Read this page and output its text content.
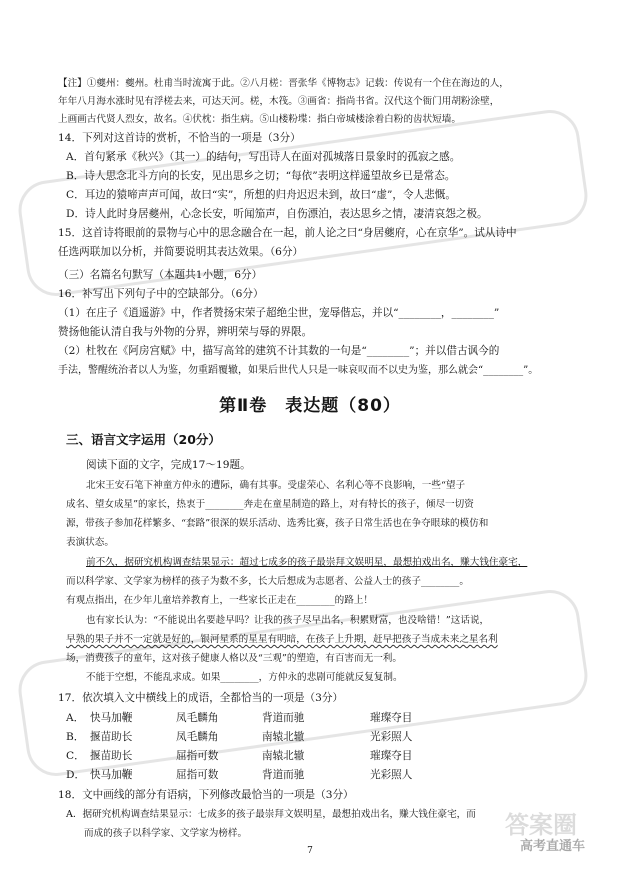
【注】①夔州：夔州。杜甫当时流寓于此。②八月槎：晋张华《博物志》记载：传说有一个住在海边的人，
年年八月海水涨时见有浮槎去来，可达天河。槎，木筏。③画省：指尚书省。汉代这个衙门用胡粉涂壁，
上画画古代贤人烈女，故名。④伏枕：指生病。⑤山楼粉堞：指白帝城楼涂着白粉的齿状短墙。
14．下列对这首诗的赏析，不恰当的一项是（3分）
A．首句紧承《秋兴》（其一）的结句，写出诗人在面对孤城落日景象时的孤寂之感。
B．诗人思念北斗方向的长安，见出思乡之切；“每依”表明这样遥望故乡已是常态。
C．耳边的猿啼声声可闻，故曰“实”，所想的归舟迟迟未到，故曰“虚”，令人悲慨。
D．诗人此时身居夔州，心念长安，听闻笳声，自伤漂泊，表达思乡之情，凄清哀怨之极。
15．这首诗将眼前的景物与心中的思念融合在一起，前人论之曰“身居夔府，心在京华”。试从诗中
任选两联加以分析，并简要说明其表达效果。（6分）
（三）名篇名句默写（本题共1小题，6分）
16．补写出下列句子中的空缺部分。（6分）
（1）在庄子《逍遥游》中，作者赞扬宋荣子超绝尘世，宠辱偕忘，并以“________，________”
赞扬他能认清自我与外物的分界，辨明荣与辱的界限。
（2）杜牧在《阿房宫赋》中，描写高耸的建筑不计其数的一句是“________”；并以借古讽今的
手法，警醒统治者以人为鉴，勿重蹈覆辙，如果后世代人只是一味哀叹而不以史为鉴，那么就会“________”。
第Ⅱ卷　表达题（80）
三、语言文字运用（20分）
阅读下面的文字，完成17～19题。
北宋王安石笔下神童方仲永的遭际，确有其事。受虚荣心、名利心等不良影响，一些“望子
成名、望女成星”的家长，热衷于________奔走在童星制造的路上，对有特长的孩子，倾尽一切资
源，带孩子参加花样繁多、“套路”很深的娱乐活动、选秀比赛，孩子日常生活也在争夺眼球的模仿和
表演状态。
前不久，据研究机构调查结果显示：超过七成多的孩子最崇拜文娱明星，最想拍戏出名，赚大钱住豪宅，
而以科学家、文学家为榜样的孩子为数不多，长大后想成为志愿者、公益人士的孩子________。
有观点指出，在少年儿童培养教育上，一些家长正走在________的路上！
也有家长认为：“不能说出名要趁早吗？让我的孩子尽早出名，积累财富，也没啥错！”这话说，
早熟的果子并不一定就是好的，银河星系的星星有明暗，在孩子上升期，赶早把孩子当成未来之星名利
场，消费孩子的童年，这对孩子健康人格以及“三观”的塑造，有百害而无一利。
不能于空想，不能乱求成。如果________，方仲永的悲剧可能就反复复制。
17．依次填入文中横线上的成语，全都恰当的一项是（3分）
A． 快马加鞭	凤毛麟角	背道而驰	璀璨夺目
B． 揠苗助长	凤毛麟角	南辕北辙	光彩照人
C． 揠苗助长	屈指可数	南辕北辙	璀璨夺目
D． 快马加鞭	屈指可数	背道而驰	光彩照人
18．文中画线的部分有语病，下列修改最恰当的一项是（3分）
A．据研究机构调查结果显示：七成多的孩子最崇拜文娱明星，最想拍戏出名，赚大钱住豪宅，而
而成的孩子以科学家、文学家为榜样。
7	高考直通车
答案圈
